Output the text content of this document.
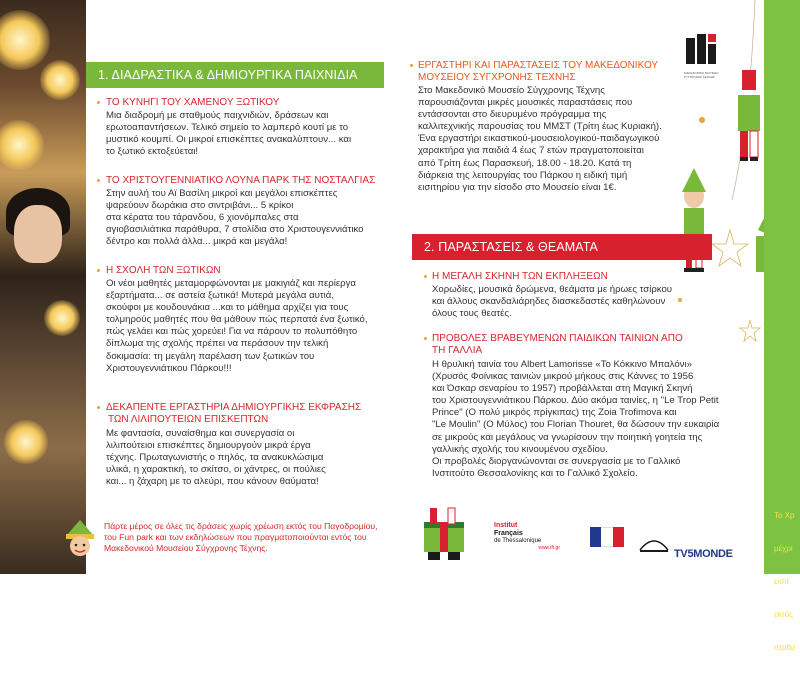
Το Χρ

μέχρι

εισιτ

εκτός

σταθμ

ΜΑΚΕΔΟΝΙΚΟ ΜΟΥΣΕΙΟ ΣΥΓΧΡΟΝΗΣ ΤΕΧΝΗΣ
1. ΔΙΑΔΡΑΣΤΙΚΑ & ΔΗΜΙΟΥΡΓΙΚΑ ΠΑΙΧΝΙΔΙΑ
ΤΟ ΚΥΝΗΓΙ ΤΟΥ ΧΑΜΕΝΟΥ ΞΩΤΙΚΟΥ
Μια διαδρομή με σταθμούς παιχνιδιών, δράσεων και
ερωτοαπαντήσεων. Τελικό σημείο το λαμπερό κουτί με το
μυστικό κουμπί. Οι μικροί επισκέπτες ανακαλύπτουν... και
το ξωτικό εκτοξεύεται!
ΤΟ ΧΡΙΣΤΟΥΓΕΝΝΙΑΤΙΚΟ ΛΟΥΝΑ ΠΑΡΚ ΤΗΣ ΝΟΣΤΑΛΓΙΑΣ
Στην αυλή του Αϊ Βασίλη μικροί και μεγάλοι επισκέπτες
ψαρεύουν δωράκια στο σιντριβάνι... 5 κρίκοι
στα κέρατα του τάρανδου, 6 χιονόμπαλες στα
αγιοβασιλιάτικα παράθυρα, 7 στολίδια στο Χριστουγεννιάτικο
δέντρο και πολλά άλλα... μικρά και μεγάλα!
Η ΣΧΟΛΗ ΤΩΝ ΞΩΤΙΚΩΝ
Οι νέοι μαθητές μεταμορφώνονται με μακιγιάζ και περίεργα
εξαρτήματα... σε αστεία ξωτικά! Μυτερά μεγάλα αυτιά,
σκούφοι με κουδουνάκια ...και το μάθημα αρχίζει για τους
τολμηρούς μαθητές που θα μάθουν πώς περπατά ένα ξωτικό,
πώς γελάει και πώς χορεύει! Για να πάρουν το πολυπόθητο
δίπλωμα της σχολής πρέπει να περάσουν την τελική
δοκιμασία: τη μεγάλη παρέλαση των ξωτικών του
Χριστουγεννιάτικου Πάρκου!!!
ΔΕΚΑΠΕΝΤΕ ΕΡΓΑΣΤΗΡΙΑ ΔΗΜΙΟΥΡΓΙΚΗΣ ΕΚΦΡΑΣΗΣ
ΤΩΝ ΛΙΛΙΠΟΥΤΕΙΩΝ ΕΠΙΣΚΕΠΤΩΝ
Με φαντασία, συναίσθημα και συνεργασία οι
λιλιπούτειοι επισκέπτες δημιουργούν μικρά έργα
τέχνης. Πρωταγωνιστής ο πηλός, τα ανακυκλώσιμα
υλικά, η χαρακτική, το σκίτσο, οι χάντρες, οι πούλιες
και... η ζάχαρη με το αλεύρι, που κάνουν θαύματα!
Πάρτε μέρος σε όλες τις δράσεις χωρίς χρέωση εκτός του Παγοδρομίου,
του Fun park και των εκδηλώσεων που πραγματοποιούνται εντός του
Μακεδονικού Μουσείου Σύγχρονης Τέχνης.
ΕΡΓΑΣΤΗΡΙ ΚΑΙ ΠΑΡΑΣΤΑΣΕΙΣ ΤΟΥ ΜΑΚΕΔΟΝΙΚΟΥ
ΜΟΥΣΕΙΟΥ ΣΥΓΧΡΟΝΗΣ ΤΕΧΝΗΣ
Στο Μακεδονικό Μουσείο Σύγχρονης Τέχνης
παρουσιάζονται μικρές μουσικές παραστάσεις που
εντάσσονται στο διευρυμένο πρόγραμμα της
καλλιτεχνικής παρουσίας του ΜΜΣΤ (Τρίτη έως Κυριακή).
Ένα εργαστήρι εικαστικού-μουσειολογικού-παιδαγωγικού
χαρακτήρα για παιδιά 4 έως 7 ετών πραγματοποιείται
από Τρίτη έως Παρασκευή, 18.00 - 18.20. Κατά τη
διάρκεια της λειτουργίας του Πάρκου η ειδική τιμή
εισιτηρίου για την είσοδο στο Μουσείο είναι 1€.
2. ΠΑΡΑΣΤΑΣΕΙΣ & ΘΕΑΜΑΤΑ
Η ΜΕΓΑΛΗ ΣΚΗΝΗ ΤΩΝ ΕΚΠΛΗΞΕΩΝ
Χορωδίες, μουσικά δρώμενα, θεάματα με ήρωες τσίρκου
και άλλους σκανδαλιάρηδες διασκεδαστές καθηλώνουν
όλους τους θεατές.
ΠΡΟΒΟΛΕΣ ΒΡΑΒΕΥΜΕΝΩΝ ΠΑΙΔΙΚΩΝ ΤΑΙΝΙΩΝ ΑΠΟ
ΤΗ ΓΑΛΛΙΑ
Η θρυλική ταινία του Albert Lamorisse «Το Κόκκινο Μπαλόνι»
(Χρυσός Φοίνικας ταινιών μικρού μήκους στις Κάννες το 1956
και Όσκαρ σεναρίου το 1957) προβάλλεται στη Μαγική Σκηνή
του Χριστουγεννιάτικου Πάρκου. Δύο ακόμα ταινίες, η "Le Trop Petit
Prince" (Ο πολύ μικρός πρίγκιπας) της Zoia Trofimova και
"Le Moulin" (Ο Μύλος) του Florian Thouret, θα δώσουν την ευκαιρία
σε μικρούς και μεγάλους να γνωρίσουν την ποιητική γοητεία της
γαλλικής σχολής του κινουμένου σχεδίου.
Οι προβολές διοργανώνονται σε συνεργασία με το Γαλλικό
Ινστιτούτο Θεσσαλονίκης και το Γαλλικό Σχολείο.
Institut
Français
de Thessalonique
www.ift.gr	TV5MONDE
